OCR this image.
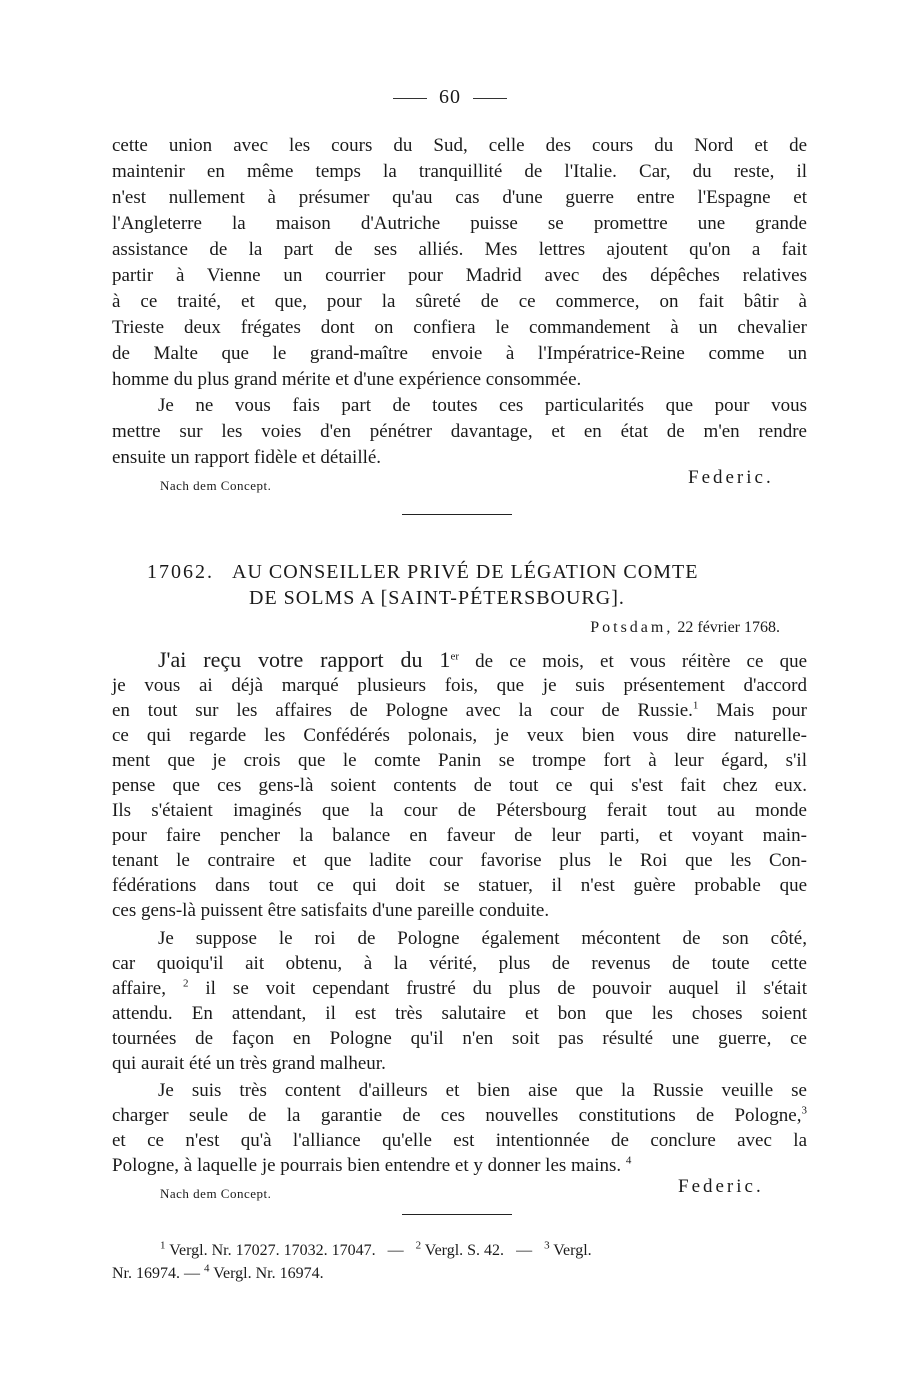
60
cette union avec les cours du Sud, celle des cours du Nord et de
maintenir en même temps la tranquillité de l'Italie. Car, du reste, il
n'est nullement à présumer qu'au cas d'une guerre entre l'Espagne et
l'Angleterre la maison d'Autriche puisse se promettre une grande
assistance de la part de ses alliés. Mes lettres ajoutent qu'on a fait
partir à Vienne un courrier pour Madrid avec des dépêches relatives
à ce traité, et que, pour la sûreté de ce commerce, on fait bâtir à
Trieste deux frégates dont on confiera le commandement à un chevalier
de Malte que le grand-maître envoie à l'Impératrice-Reine comme un
homme du plus grand mérite et d'une expérience consommée.
Je ne vous fais part de toutes ces particularités que pour vous
mettre sur les voies d'en pénétrer davantage, et en état de m'en rendre
ensuite un rapport fidèle et détaillé.
Nach dem Concept.	Federic.
17062. AU CONSEILLER PRIVÉ DE LÉGATION COMTE
DE SOLMS A [SAINT-PÉTERSBOURG].
Potsdam, 22 février 1768.
J'ai reçu votre rapport du 1er de ce mois, et vous réitère ce que
je vous ai déjà marqué plusieurs fois, que je suis présentement d'accord
en tout sur les affaires de Pologne avec la cour de Russie.$^1$ Mais pour
ce qui regarde les Confédérés polonais, je veux bien vous dire naturelle-
ment que je crois que le comte Panin se trompe fort à leur égard, s'il
pense que ces gens-là soient contents de tout ce qui s'est fait chez eux.
Ils s'étaient imaginés que la cour de Pétersbourg ferait tout au monde
pour faire pencher la balance en faveur de leur parti, et voyant main-
tenant le contraire et que ladite cour favorise plus le Roi que les Con-
fédérations dans tout ce qui doit se statuer, il n'est guère probable que
ces gens-là puissent être satisfaits d'une pareille conduite.
Je suppose le roi de Pologne également mécontent de son côté,
car quoiqu'il ait obtenu, à la vérité, plus de revenus de toute cette
affaire, $^2$ il se voit cependant frustré du plus de pouvoir auquel il s'était
attendu. En attendant, il est très salutaire et bon que les choses soient
tournées de façon en Pologne qu'il n'en soit pas résulté une guerre, ce
qui aurait été un très grand malheur.
Je suis très content d'ailleurs et bien aise que la Russie veuille se
charger seule de la garantie de ces nouvelles constitutions de Pologne,$^3$
et ce n'est qu'à l'alliance qu'elle est intentionnée de conclure avec la
Pologne, à laquelle je pourrais bien entendre et y donner les mains. $^4$
Nach dem Concept.	Federic.
$^1$ Vergl. Nr. 17027. 17032. 17047.   —   $^2$ Vergl. S. 42.   —   $^3$ Vergl.
Nr. 16974. — $^4$ Vergl. Nr. 16974.
